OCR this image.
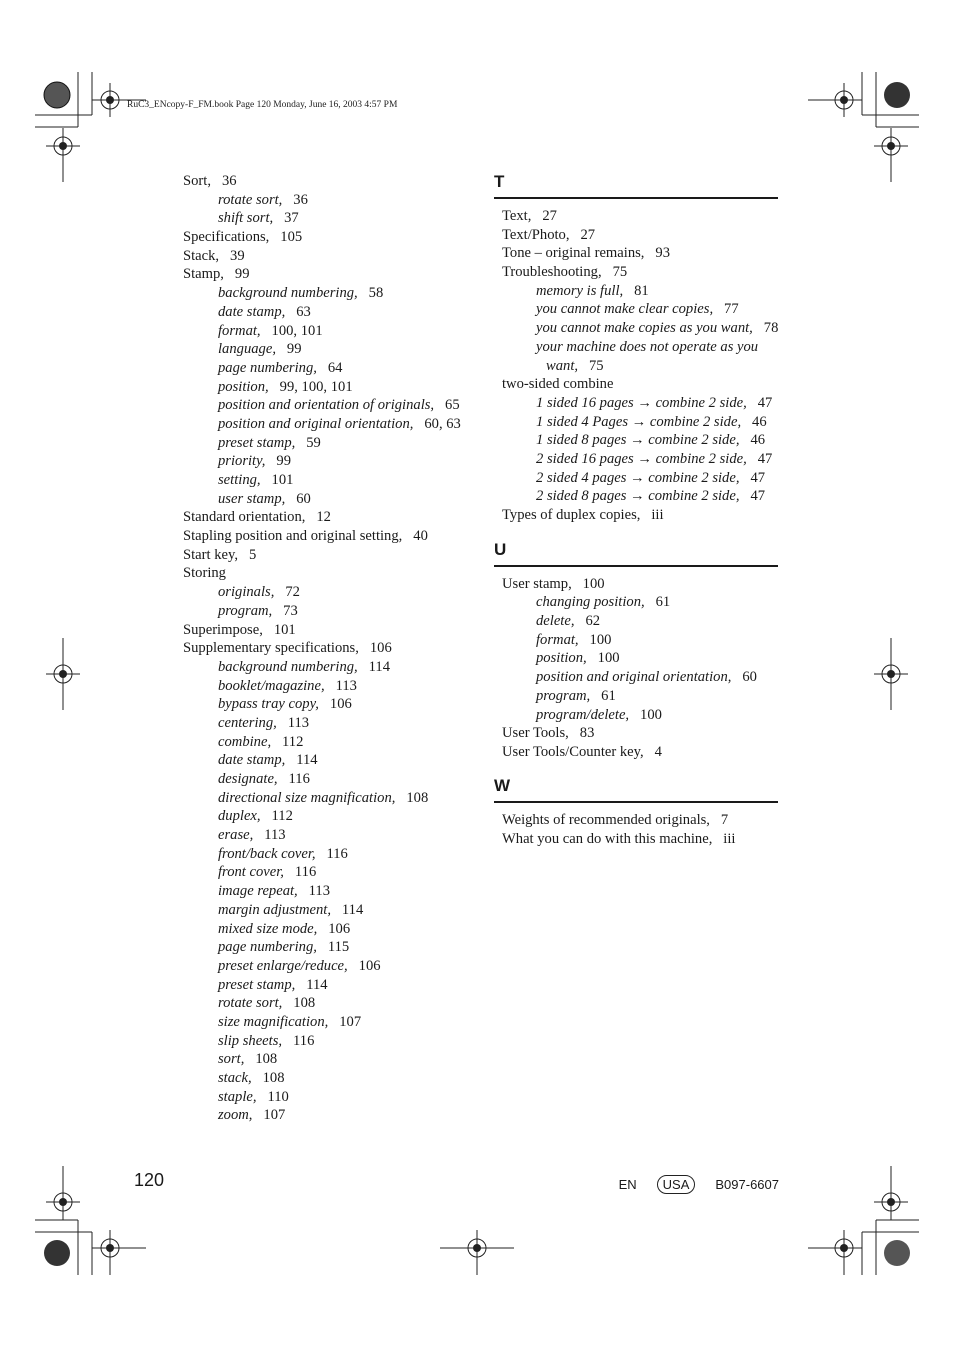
RuC3_ENcopy-F_FM.book Page 120 Monday, June 16, 2003 4:57 PM
Sort, 36
rotate sort, 36
shift sort, 37
Specifications, 105
Stack, 39
Stamp, 99
background numbering, 58
date stamp, 63
format, 100, 101
language, 99
page numbering, 64
position, 99, 100, 101
position and orientation of originals, 65
position and original orientation, 60, 63
preset stamp, 59
priority, 99
setting, 101
user stamp, 60
Standard orientation, 12
Stapling position and original setting, 40
Start key, 5
Storing
originals, 72
program, 73
Superimpose, 101
Supplementary specifications, 106
background numbering, 114
booklet/magazine, 113
bypass tray copy, 106
centering, 113
combine, 112
date stamp, 114
designate, 116
directional size magnification, 108
duplex, 112
erase, 113
front/back cover, 116
front cover, 116
image repeat, 113
margin adjustment, 114
mixed size mode, 106
page numbering, 115
preset enlarge/reduce, 106
preset stamp, 114
rotate sort, 108
size magnification, 107
slip sheets, 116
sort, 108
stack, 108
staple, 110
zoom, 107
T
Text, 27
Text/Photo, 27
Tone – original remains, 93
Troubleshooting, 75
memory is full, 81
you cannot make clear copies, 77
you cannot make copies as you want, 78
your machine does not operate as you
want, 75
two-sided combine
1 sided 16 pages → combine 2 side, 47
1 sided 4 Pages → combine 2 side, 46
1 sided 8 pages → combine 2 side, 46
2 sided 16 pages → combine 2 side, 47
2 sided 4 pages → combine 2 side, 47
2 sided 8 pages → combine 2 side, 47
Types of duplex copies, iii
U
User stamp, 100
changing position, 61
delete, 62
format, 100
position, 100
position and original orientation, 60
program, 61
program/delete, 100
User Tools, 83
User Tools/Counter key, 4
W
Weights of recommended originals, 7
What you can do with this machine, iii
120	EN	USA	B097-6607
